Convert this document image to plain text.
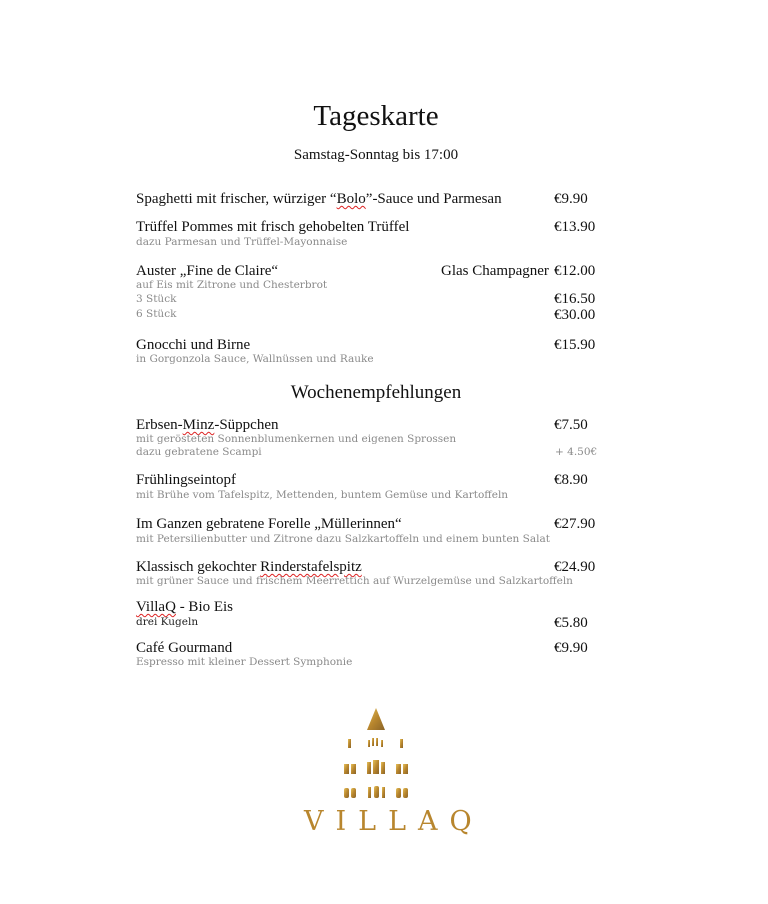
Tageskarte
Samstag-Sonntag bis 17:00
Spaghetti mit frischer, würziger “Bolo”-Sauce und Parmesan	€9.90
Trüffel Pommes mit frisch gehobelten Trüffel	€13.90
dazu Parmesan und Trüffel-Mayonnaise
Auster „Fine de Claire“	Glas Champagner €12.00
auf Eis mit Zitrone und Chesterbrot
3 Stück	€16.50
6 Stück	€30.00
Gnocchi und Birne	€15.90
in Gorgonzola Sauce, Wallnüssen und Rauke
Wochenempfehlungen
Erbsen-Minz-Süppchen	€7.50
mit gerösteten Sonnenblumenkernen und eigenen Sprossen
dazu gebratene Scampi	+ 4.50€
Frühlingseintopf	€8.90
mit Brühe vom Tafelspitz, Mettenden, buntem Gemüse und Kartoffeln
Im Ganzen gebratene Forelle „Müllerinnen“	€27.90
mit Petersilienbutter und Zitrone dazu Salzkartoffeln und einem bunten Salat
Klassisch gekochter Rinderstafelspitz	€24.90
mit grüner Sauce und frischem Meerrettich auf Wurzelgemüse und Salzkartoffeln
VillaQ - Bio Eis
drei Kugeln	€5.80
Café Gourmand	€9.90
Espresso mit kleiner Dessert Symphonie
VILLAQ
